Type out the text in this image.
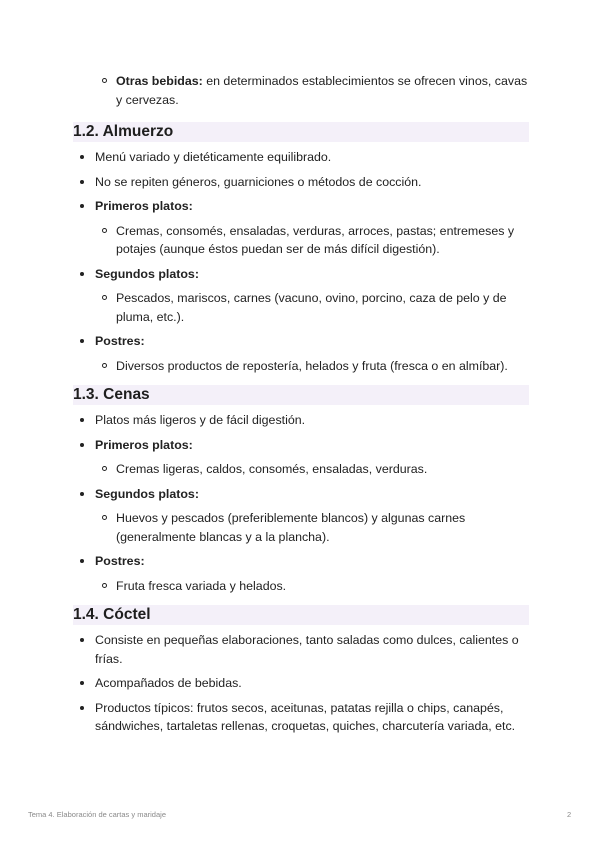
Otras bebidas: en determinados establecimientos se ofrecen vinos, cavas y cervezas.

1.2. Almuerzo

Menú variado y dietéticamente equilibrado.

No se repiten géneros, guarniciones o métodos de cocción.

Primeros platos:

Cremas, consomés, ensaladas, verduras, arroces, pastas; entremeses y potajes (aunque éstos puedan ser de más difícil digestión).

Segundos platos:

Pescados, mariscos, carnes (vacuno, ovino, porcino, caza de pelo y de pluma, etc.).

Postres:

Diversos productos de repostería, helados y fruta (fresca o en almíbar).

1.3. Cenas

Platos más ligeros y de fácil digestión.

Primeros platos:

Cremas ligeras, caldos, consomés, ensaladas, verduras.

Segundos platos:

Huevos y pescados (preferiblemente blancos) y algunas carnes (generalmente blancas y a la plancha).

Postres:

Fruta fresca variada y helados.

1.4. Cóctel

Consiste en pequeñas elaboraciones, tanto saladas como dulces, calientes o frías.

Acompañados de bebidas.

Productos típicos: frutos secos, aceitunas, patatas rejilla o chips, canapés, sándwiches, tartaletas rellenas, croquetas, quiches, charcutería variada, etc.

Tema 4. Elaboración de cartas y maridaje	2
